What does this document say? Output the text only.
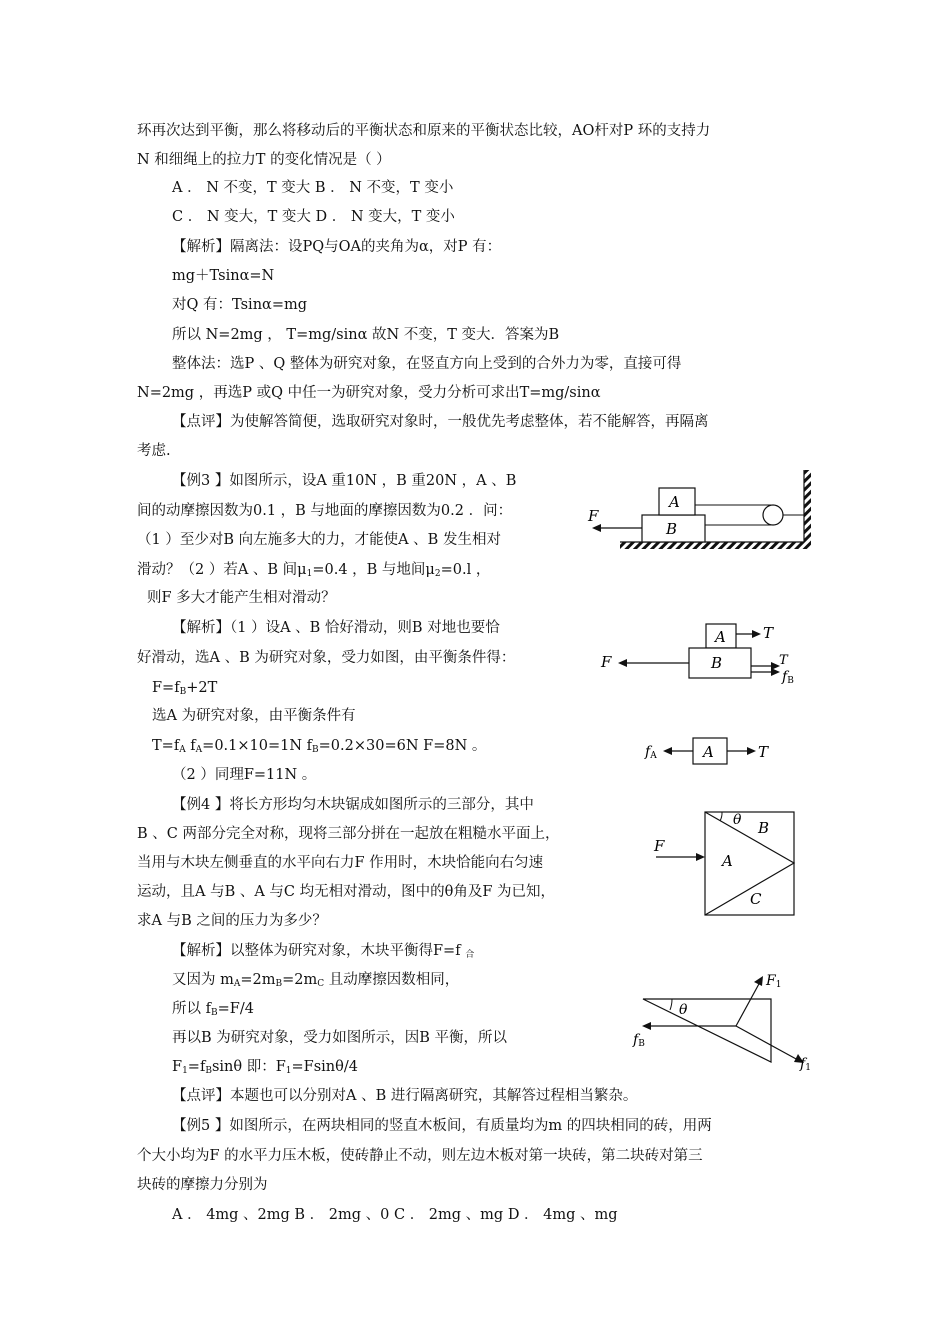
环再次达到平衡，那么将移动后的平衡状态和原来的平衡状态比较，AO杆对P 环的支持力
N 和细绳上的拉力T 的变化情况是（ ）
A ． N 不变，T 变大 B ． N 不变，T 变小
C ． N 变大，T 变大 D ． N 变大，T 变小
【解析】隔离法：设PQ与OA的夹角为α，对P 有：
mg＋Tsinα=N
对Q 有：Tsinα=mg
所以 N=2mg ， T=mg/sinα 故N 不变，T 变大．答案为B
整体法：选P 、Q 整体为研究对象，在竖直方向上受到的合外力为零，直接可得
N=2mg ，再选P 或Q 中任一为研究对象，受力分析可求出T=mg/sinα
【点评】为使解答简便，选取研究对象时，一般优先考虑整体，若不能解答，再隔离
考虑.
【例3 】如图所示，设A 重10N ，B 重20N ，A 、B
间的动摩擦因数为0.1 ，B 与地面的摩擦因数为0.2 ．问：
（1 ）至少对B 向左施多大的力，才能使A 、B 发生相对
滑动？（2 ）若A 、B 间$\mu_1=0.4$ ，B 与地间$\mu_2=0.l$ ，
则F 多大才能产生相对滑动？
【解析】（1 ）设A 、B 恰好滑动，则B 对地也要恰
好滑动，选A 、B 为研究对象，受力如图，由平衡条件得：
$F=f_B+2T$
选A 为研究对象，由平衡条件有
$T=f_A$ $f_A=0.1\times 10=1N$ $f_B=0.2\times 30=6N$ F=8N 。
（2 ）同理F=11N 。
【例4 】将长方形均匀木块锯成如图所示的三部分，其中
B 、C 两部分完全对称，现将三部分拼在一起放在粗糙水平面上，
当用与木块左侧垂直的水平向右力F 作用时，木块恰能向右匀速
运动，且A 与B 、A 与C 均无相对滑动，图中的θ角及F 为已知，
求A 与B 之间的压力为多少？
【解析】以整体为研究对象，木块平衡得F=f $_合$
又因为 $m_A=2m_B=2m_C$ 且动摩擦因数相同，
所以 $f_B=F/4$
再以B 为研究对象，受力如图所示，因B 平衡，所以
$F_1=f_B\sin\theta$ 即：$F_1=Fsin\theta/4$
【点评】本题也可以分别对A 、B 进行隔离研究，其解答过程相当繁杂。
【例5 】如图所示，在两块相同的竖直木板间，有质量均为m 的四块相同的砖，用两
个大小均为F 的水平力压木板，使砖静止不动，则左边木板对第一块砖，第二块砖对第三
块砖的摩擦力分别为
A ． 4mg 、2mg B ． 2mg 、0 C ． 2mg 、mg D ． 4mg 、mg
A
B
F
A
B
F
T
T
fB
fA	A	T
F
θ B
A
C
F1
θ
fB
f1
